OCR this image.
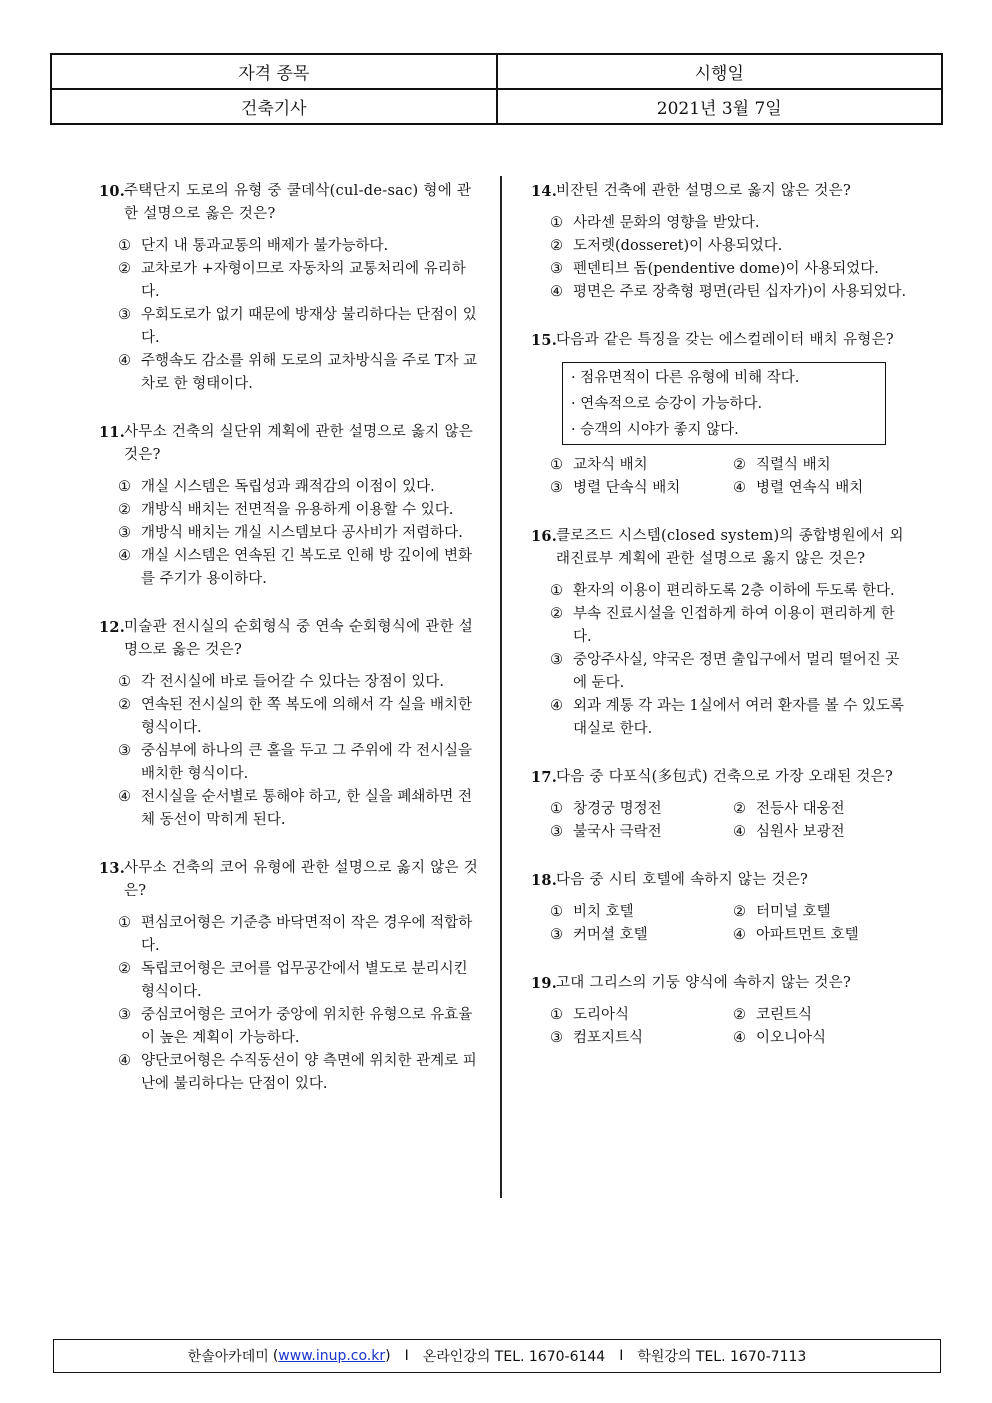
자격 종목	시행일
건축기사	2021년 3월 7일
10.
주택단지 도로의 유형 중 쿨데삭(cul-de-sac) 형에 관한 설명으로 옳은 것은?
① 단지 내 통과교통의 배제가 불가능하다.
② 교차로가 +자형이므로 자동차의 교통처리에 유리하다.
③ 우회도로가 없기 때문에 방재상 불리하다는 단점이 있다.
④ 주행속도 감소를 위해 도로의 교차방식을 주로 T자 교차로 한 형태이다.
11.
사무소 건축의 실단위 계획에 관한 설명으로 옳지 않은 것은?
① 개실 시스템은 독립성과 쾌적감의 이점이 있다.
② 개방식 배치는 전면적을 유용하게 이용할 수 있다.
③ 개방식 배치는 개실 시스템보다 공사비가 저렴하다.
④ 개실 시스템은 연속된 긴 복도로 인해 방 깊이에 변화를 주기가 용이하다.
12.
미술관 전시실의 순회형식 중 연속 순회형식에 관한 설명으로 옳은 것은?
① 각 전시실에 바로 들어갈 수 있다는 장점이 있다.
② 연속된 전시실의 한 쪽 복도에 의해서 각 실을 배치한 형식이다.
③ 중심부에 하나의 큰 홀을 두고 그 주위에 각 전시실을 배치한 형식이다.
④ 전시실을 순서별로 통해야 하고, 한 실을 폐쇄하면 전체 동선이 막히게 된다.
13.
사무소 건축의 코어 유형에 관한 설명으로 옳지 않은 것은?
① 편심코어형은 기준층 바닥면적이 작은 경우에 적합하다.
② 독립코어형은 코어를 업무공간에서 별도로 분리시킨 형식이다.
③ 중심코어형은 코어가 중앙에 위치한 유형으로 유효율이 높은 계획이 가능하다.
④ 양단코어형은 수직동선이 양 측면에 위치한 관계로 피난에 불리하다는 단점이 있다.
14.
비잔틴 건축에 관한 설명으로 옳지 않은 것은?
① 사라센 문화의 영향을 받았다.
② 도저렛(dosseret)이 사용되었다.
③ 펜덴티브 돔(pendentive dome)이 사용되었다.
④ 평면은 주로 장축형 평면(라틴 십자가)이 사용되었다.
15.
다음과 같은 특징을 갖는 에스컬레이터 배치 유형은?
· 점유면적이 다른 유형에 비해 작다.
· 연속적으로 승강이 가능하다.
· 승객의 시야가 좋지 않다.
① 교차식 배치	② 직렬식 배치
③ 병렬 단속식 배치	④ 병렬 연속식 배치
16.
클로즈드 시스템(closed system)의 종합병원에서 외래진료부 계획에 관한 설명으로 옳지 않은 것은?
① 환자의 이용이 편리하도록 2층 이하에 두도록 한다.
② 부속 진료시설을 인접하게 하여 이용이 편리하게 한다.
③ 중앙주사실, 약국은 정면 출입구에서 멀리 떨어진 곳에 둔다.
④ 외과 계통 각 과는 1실에서 여러 환자를 볼 수 있도록 대실로 한다.
17.
다음 중 다포식(多包式) 건축으로 가장 오래된 것은?
① 창경궁 명정전	② 전등사 대웅전
③ 불국사 극락전	④ 심원사 보광전
18.
다음 중 시티 호텔에 속하지 않는 것은?
① 비치 호텔	② 터미널 호텔
③ 커머셜 호텔	④ 아파트먼트 호텔
19.
고대 그리스의 기둥 양식에 속하지 않는 것은?
① 도리아식	② 코린트식
③ 컴포지트식	④ 이오니아식
한솔아카데미 ( www.inup.co.kr ) I 온라인강의 TEL. 1670-6144 I 학원강의 TEL. 1670-7113
